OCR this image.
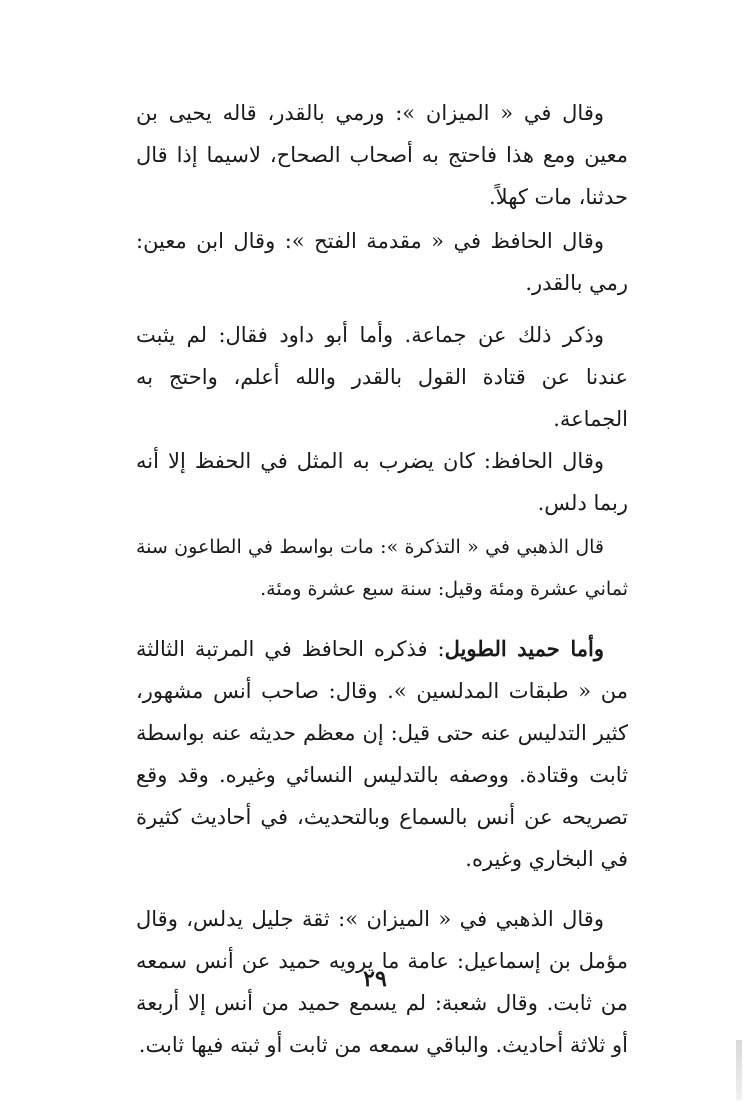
وقال في « الميزان »: ورمي بالقدر، قاله يحيى بن معين ومع هذا فاحتج به أصحاب الصحاح، لاسيما إذا قال حدثنا، مات كهلاً.

وقال الحافظ في « مقدمة الفتح »: وقال ابن معين: رمي بالقدر.

وذكر ذلك عن جماعة. وأما أبو داود فقال: لم يثبت عندنا عن قتادة القول بالقدر والله أعلم، واحتج به الجماعة.

وقال الحافظ: كان يضرب به المثل في الحفظ إلا أنه ربما دلس.

قال الذهبي في « التذكرة »: مات بواسط في الطاعون سنة ثماني عشرة ومئة وقيل: سنة سبع عشرة ومئة.

وأما حميد الطويل: فذكره الحافظ في المرتبة الثالثة من « طبقات المدلسين ». وقال: صاحب أنس مشهور، كثير التدليس عنه حتى قيل: إن معظم حديثه عنه بواسطة ثابت وقتادة. ووصفه بالتدليس النسائي وغيره. وقد وقع تصريحه عن أنس بالسماع وبالتحديث، في أحاديث كثيرة في البخاري وغيره.

وقال الذهبي في « الميزان »: ثقة جليل يدلس، وقال مؤمل بن إسماعيل: عامة ما يرويه حميد عن أنس سمعه من ثابت. وقال شعبة: لم يسمع حميد من أنس إلا أربعة أو ثلاثة أحاديث. والباقي سمعه من ثابت أو ثبته فيها ثابت.

٢٩
